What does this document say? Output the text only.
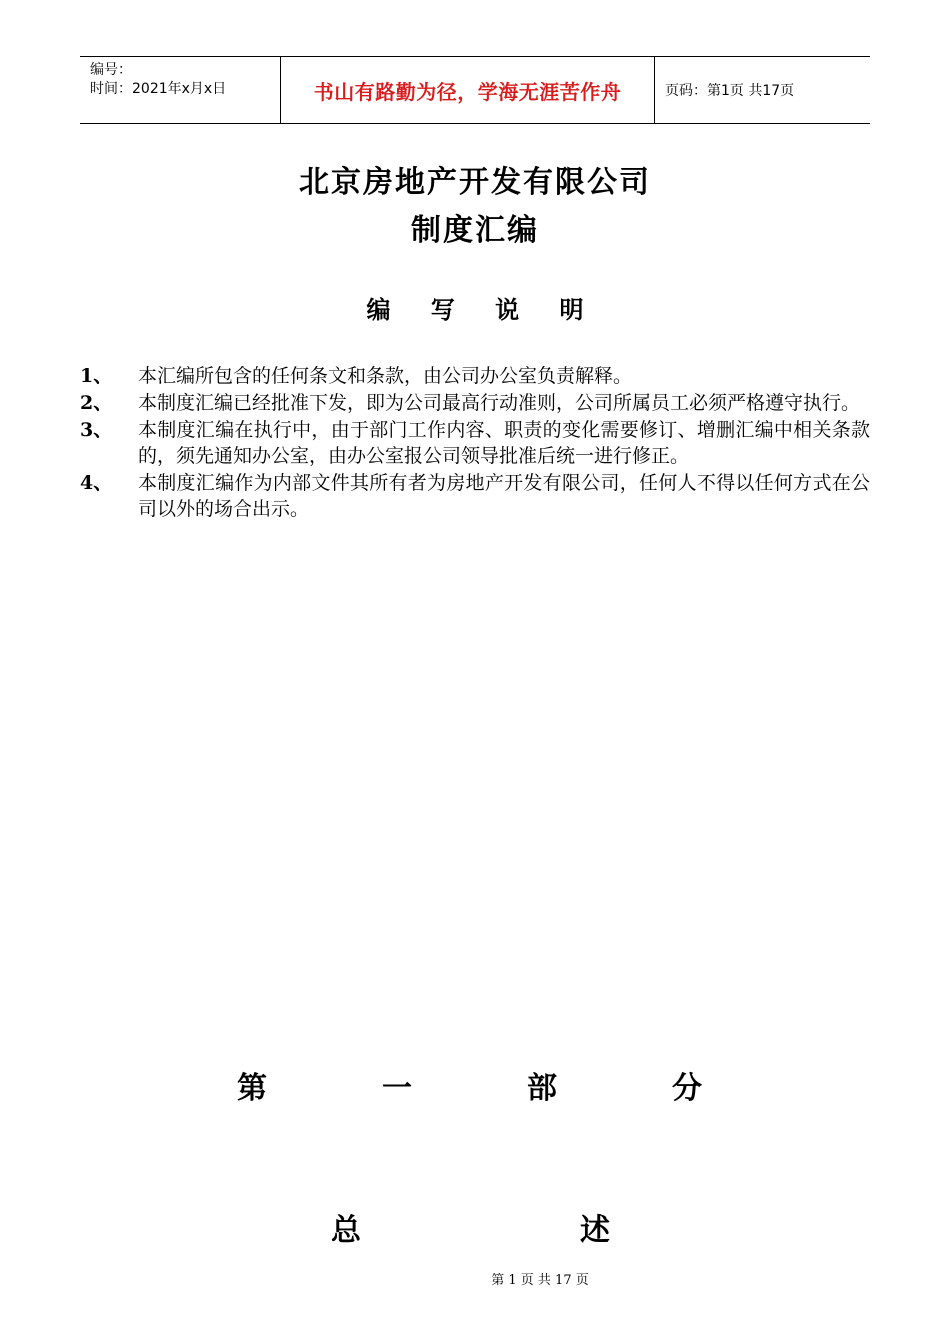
编号：
时间：2021年x月x日	书山有路勤为径，学海无涯苦作舟	页码：第1页 共17页
北京房地产开发有限公司
制度汇编
编 写 说 明
1、	本汇编所包含的任何条文和条款，由公司办公室负责解释。
2、	本制度汇编已经批准下发，即为公司最高行动准则，公司所属员工必须严格遵守执行。
3、	本制度汇编在执行中，由于部门工作内容、职责的变化需要修订、增删汇编中相关条款的，须先通知办公室，由办公室报公司领导批准后统一进行修正。
4、	本制度汇编作为内部文件其所有者为房地产开发有限公司，任何人不得以任何方式在公司以外的场合出示。
第	一	部	分
总	述
第 1 页 共 17 页
